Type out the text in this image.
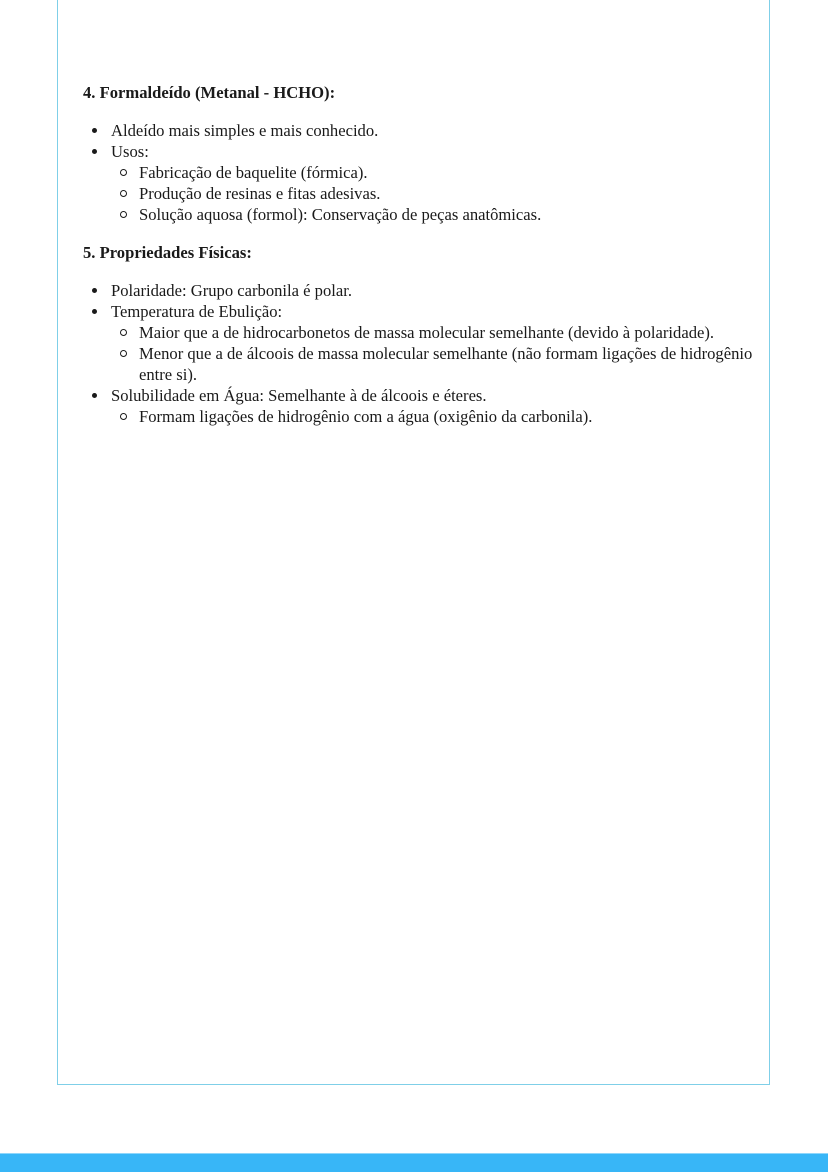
4. Formaldeído (Metanal - HCHO):
Aldeído mais simples e mais conhecido.
Usos:
Fabricação de baquelite (fórmica).
Produção de resinas e fitas adesivas.
Solução aquosa (formol): Conservação de peças anatômicas.
5. Propriedades Físicas:
Polaridade: Grupo carbonila é polar.
Temperatura de Ebulição:
Maior que a de hidrocarbonetos de massa molecular semelhante (devido à polaridade).
Menor que a de álcoois de massa molecular semelhante (não formam ligações de hidrogênio entre si).
Solubilidade em Água: Semelhante à de álcoois e éteres.
Formam ligações de hidrogênio com a água (oxigênio da carbonila).
